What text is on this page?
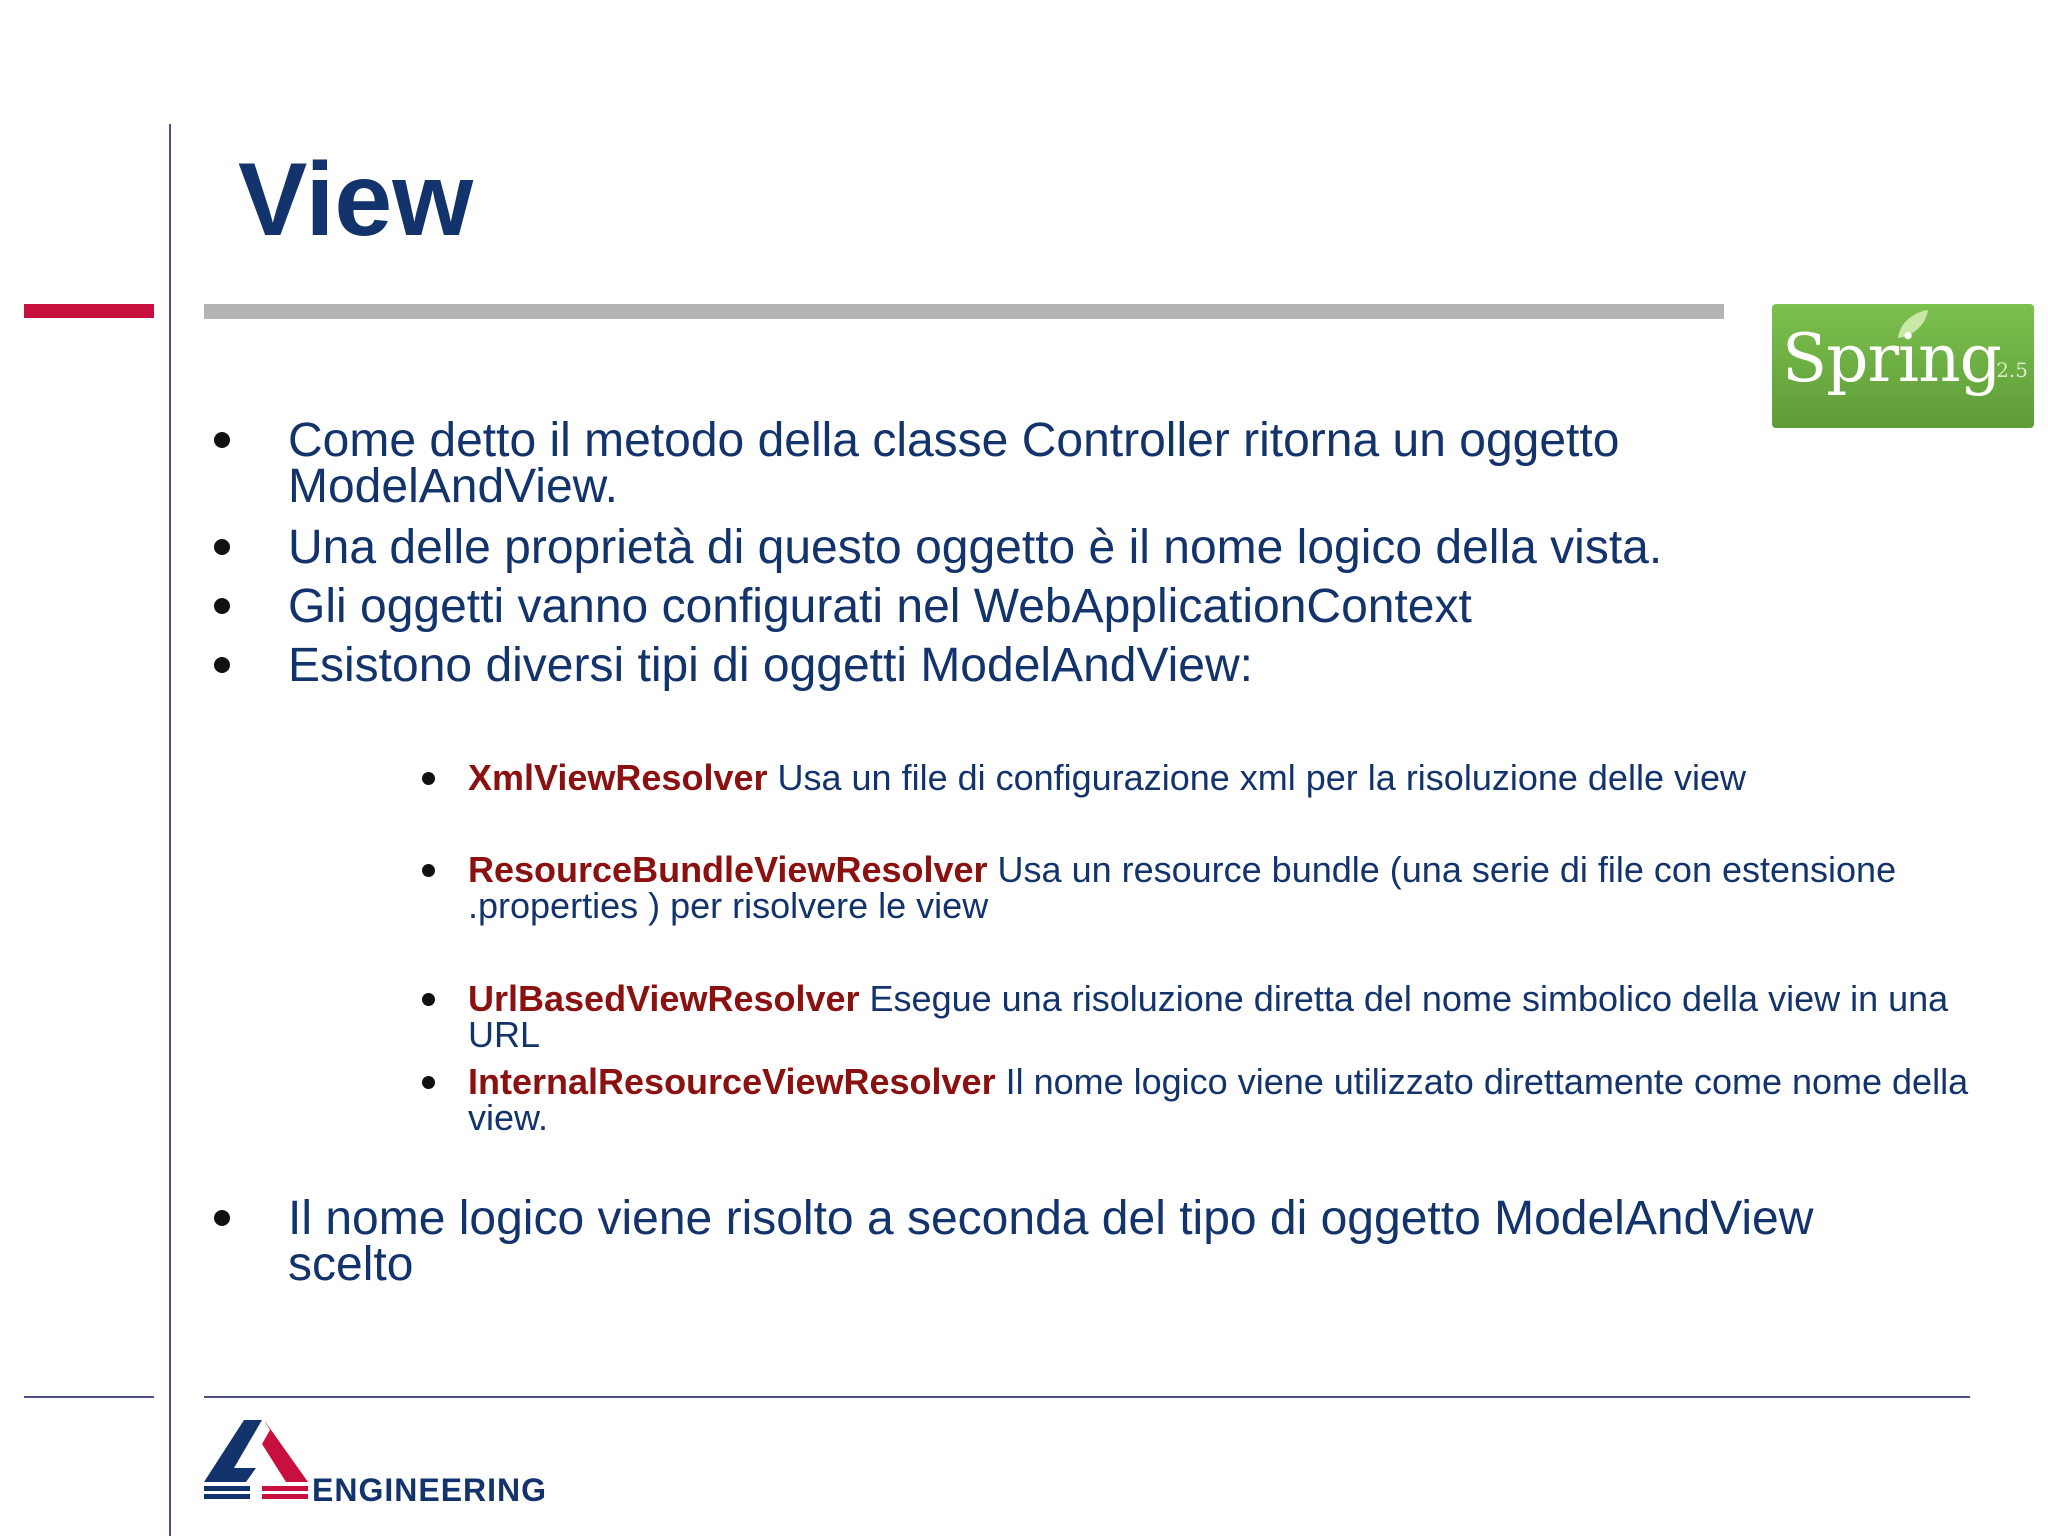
View
Spring
2.5
Come detto il metodo della classe Controller ritorna un oggetto ModelAndView.
Una delle proprietà di questo oggetto è il nome logico della vista.
Gli oggetti vanno configurati nel WebApplicationContext
Esistono diversi tipi di oggetti ModelAndView:
Il nome logico viene risolto a seconda del tipo di oggetto ModelAndView scelto
XmlViewResolver Usa un file di configurazione xml per la risoluzione delle view
ResourceBundleViewResolver Usa un resource bundle (una serie di file con estensione .properties ) per risolvere le view
UrlBasedViewResolver Esegue una risoluzione diretta del nome simbolico della view in una URL
InternalResourceViewResolver Il nome logico viene utilizzato direttamente come nome della view.
ENGINEERING
